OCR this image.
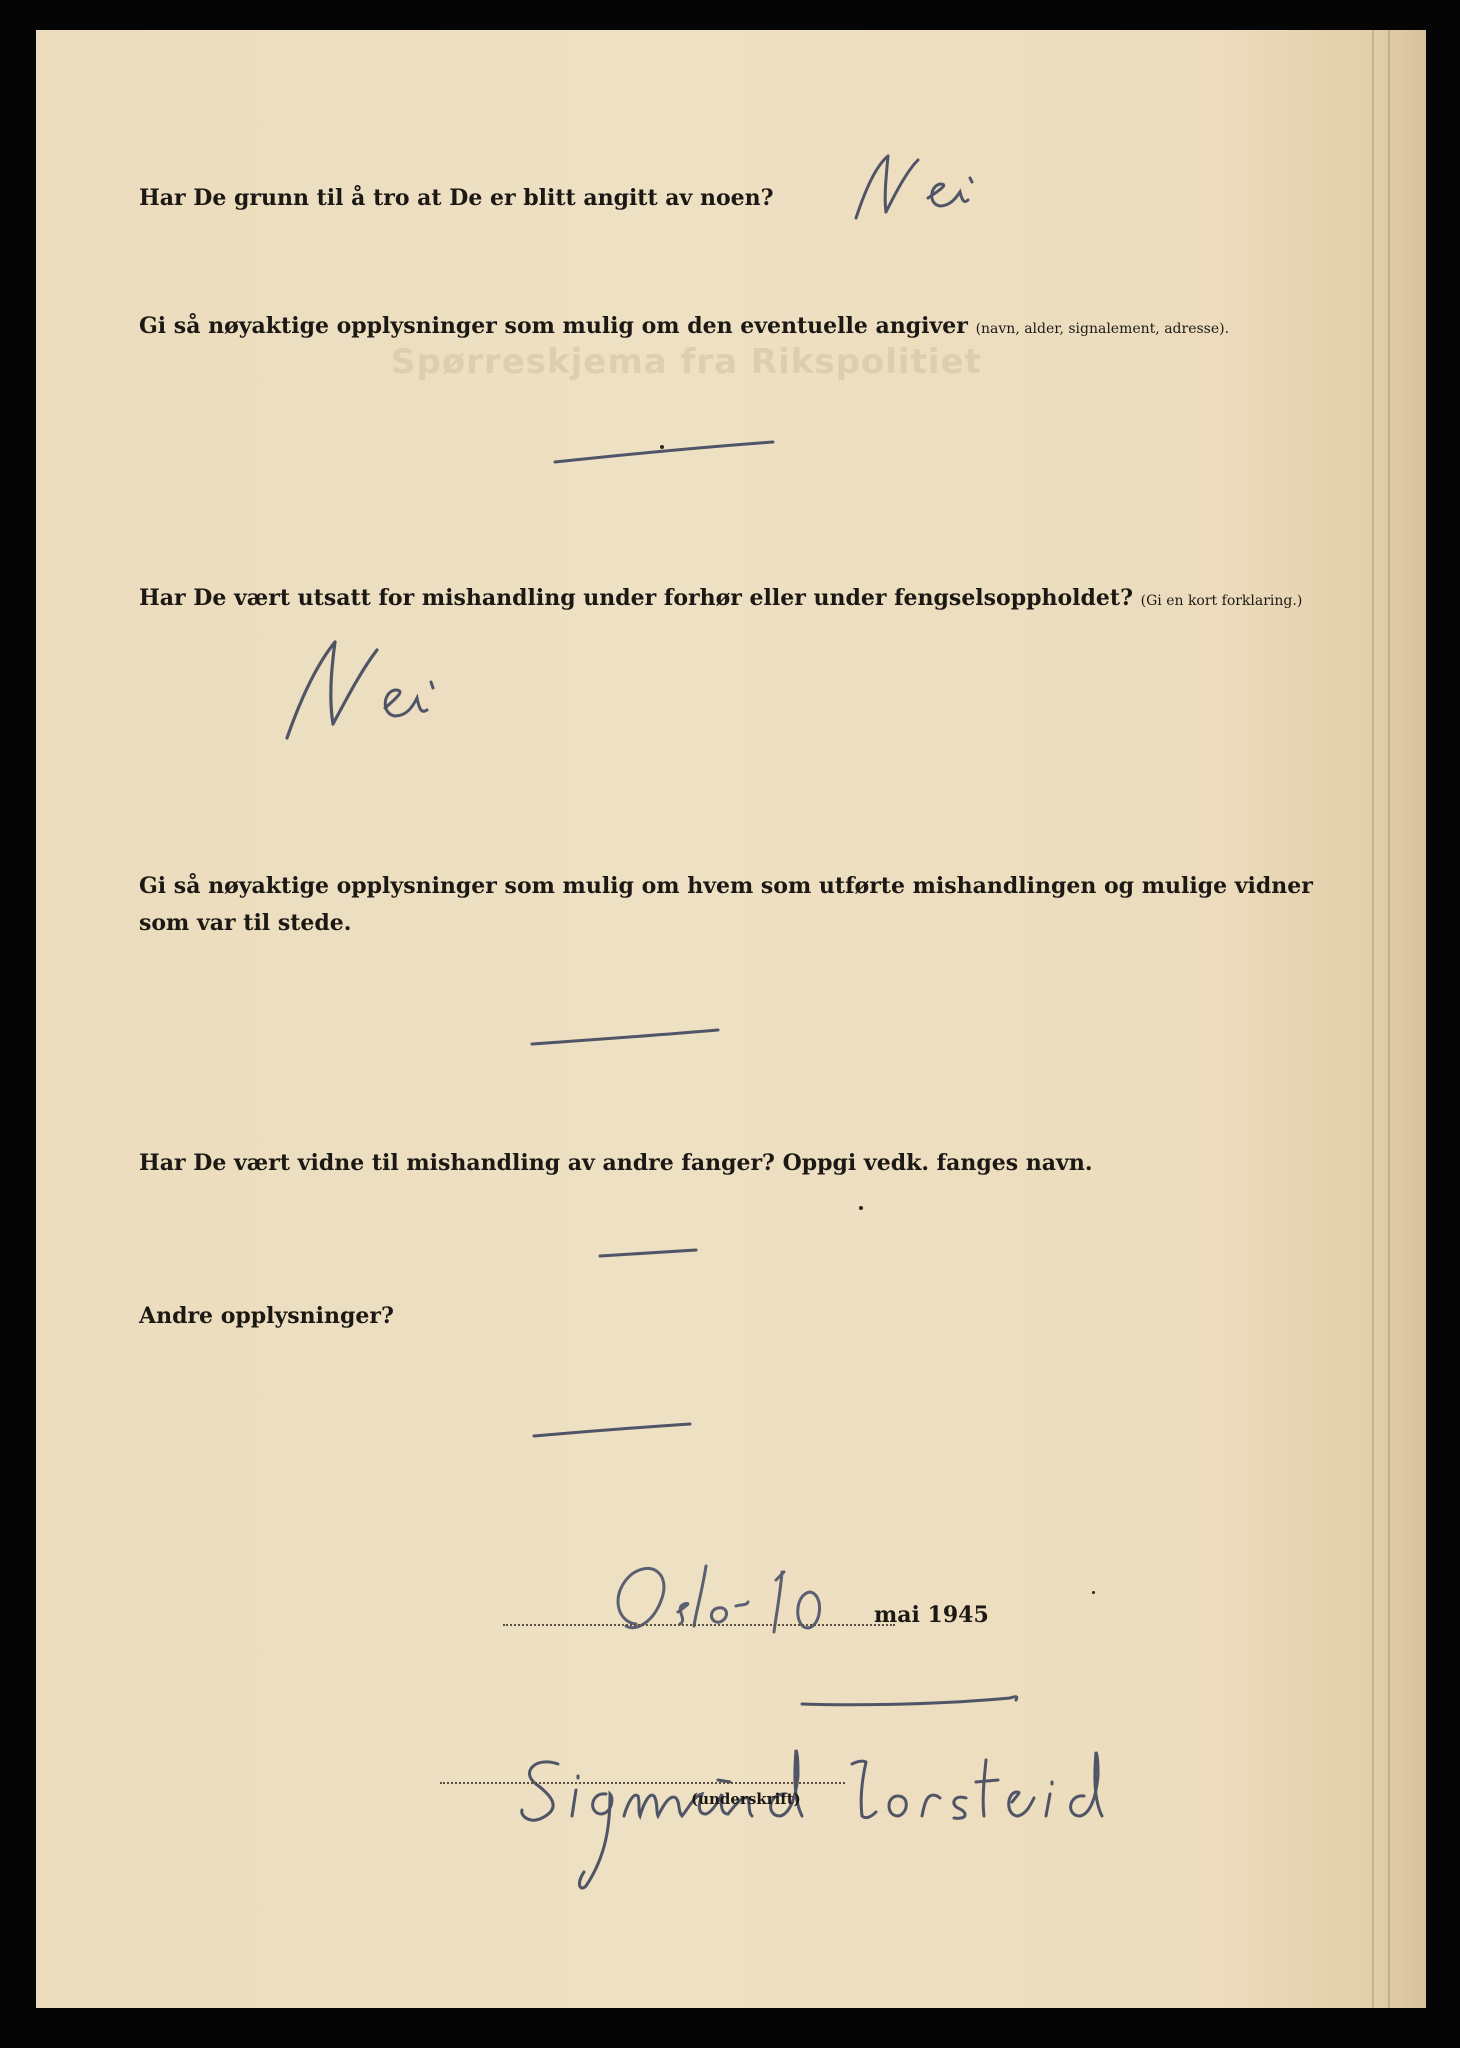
Spørreskjema fra Rikspolitiet
Har De grunn til å tro at De er blitt angitt av noen?
Gi så nøyaktige opplysninger som mulig om den eventuelle angiver (navn, alder, signalement, adresse).
Har De vært utsatt for mishandling under forhør eller under fengselsoppholdet? (Gi en kort forklaring.)
Gi så nøyaktige opplysninger som mulig om hvem som utførte mishandlingen og mulige vidner
som var til stede.
Har De vært vidne til mishandling av andre fanger? Oppgi vedk. fanges navn.
Andre opplysninger?
Oslo 10
mai 1945
Sigmund Torstad
(underskrift)
